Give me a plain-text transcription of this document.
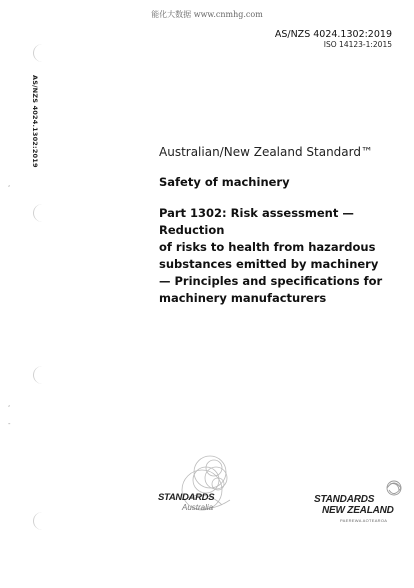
能化大数据 www.cnmhg.com
AS/NZS 4024.1302:2019
ISO 14123-1:2015
AS/NZS 4024.1302:2019
,
,
-
Australian/New Zealand Standard™
Safety of machinery
Part 1302: Risk assessment — Reduction
of risks to health from hazardous
substances emitted by machinery
— Principles and specifications for
machinery manufacturers
STANDARDS
Australia
STANDARDS
NEW ZEALAND
PAEREWA AOTEAROA
